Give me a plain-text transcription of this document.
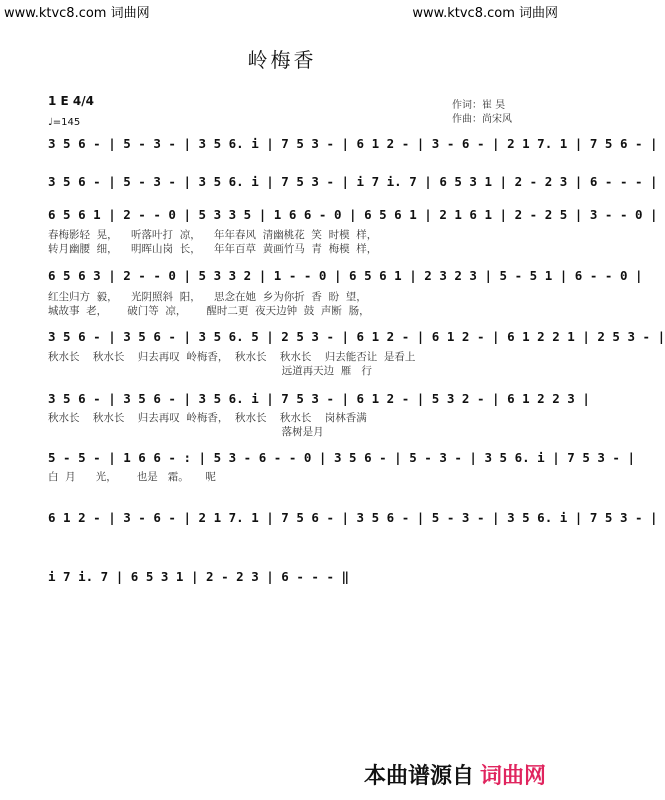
www.ktvc8.com 词曲网	www.ktvc8.com 词曲网
岭梅香
1 E 4/4
♩=145
作词：崔 昊
作曲：尚宋风
3 5 6 - | 5 - 3 - | 3 5 6. i | 7 5 3 - | 6 1 2 - | 3 - 6 - | 2 1 7. 1 | 7 5 6 - |
3 5 6 - | 5 - 3 - | 3 5 6. i | 7 5 3 - | i 7 i. 7 | 6 5 3 1 | 2 - 2 3 | 6 - - - |
6 5 6 1 | 2 - - 0 | 5 3 3 5 | 1 6 6 - 0 | 6 5 6 1 | 2 1 6 1 | 2 - 2 5 | 3 - - 0 |
春梅影轻  晃，    听落叶打  凉，    年年春风  清幽桃花  笑  时模  样，
转月幽腰  细，    明晖山岗  长，    年年百草  黄画竹马  青  梅模  样，
6 5 6 3 | 2 - - 0 | 5 3 3 2 | 1 - - 0 | 6 5 6 1 | 2 3 2 3 | 5 - 5 1 | 6 - - 0 |
红尘归方  毅，    光阴照斜  阳，    思念在她  乡为你折  香  盼  望，
城故事  老，      破门等  凉，      醒时二更  夜天边钟  鼓  声断  肠，
3 5 6 - | 3 5 6 - | 3 5 6. 5 | 2 5 3 - | 6 1 2 - | 6 1 2 - | 6 1 2 2 1 | 2 5 3 - |
秋水长    秋水长    归去再叹  岭梅香，  秋水长    秋水长    归去能否让  是看上
远道再天边  雁   行
3 5 6 - | 3 5 6 - | 3 5 6. i | 7 5 3 - | 6 1 2 - | 5 3 2 - | 6 1 2 2 3 |
秋水长    秋水长    归去再叹  岭梅香，  秋水长    秋水长    岗林香满
落树是月
5 - 5 - | 1 6 6 - : | 5 3 - 6 - - 0 | 3 5 6 - | 5 - 3 - | 3 5 6. i | 7 5 3 - |
白  月      光，      也是   霜。     呢
6 1 2 - | 3 - 6 - | 2 1 7. 1 | 7 5 6 - | 3 5 6 - | 5 - 3 - | 3 5 6. i | 7 5 3 - |
i 7 i. 7 | 6 5 3 1 | 2 - 2 3 | 6 - - - ‖
本曲谱源自 词曲网
